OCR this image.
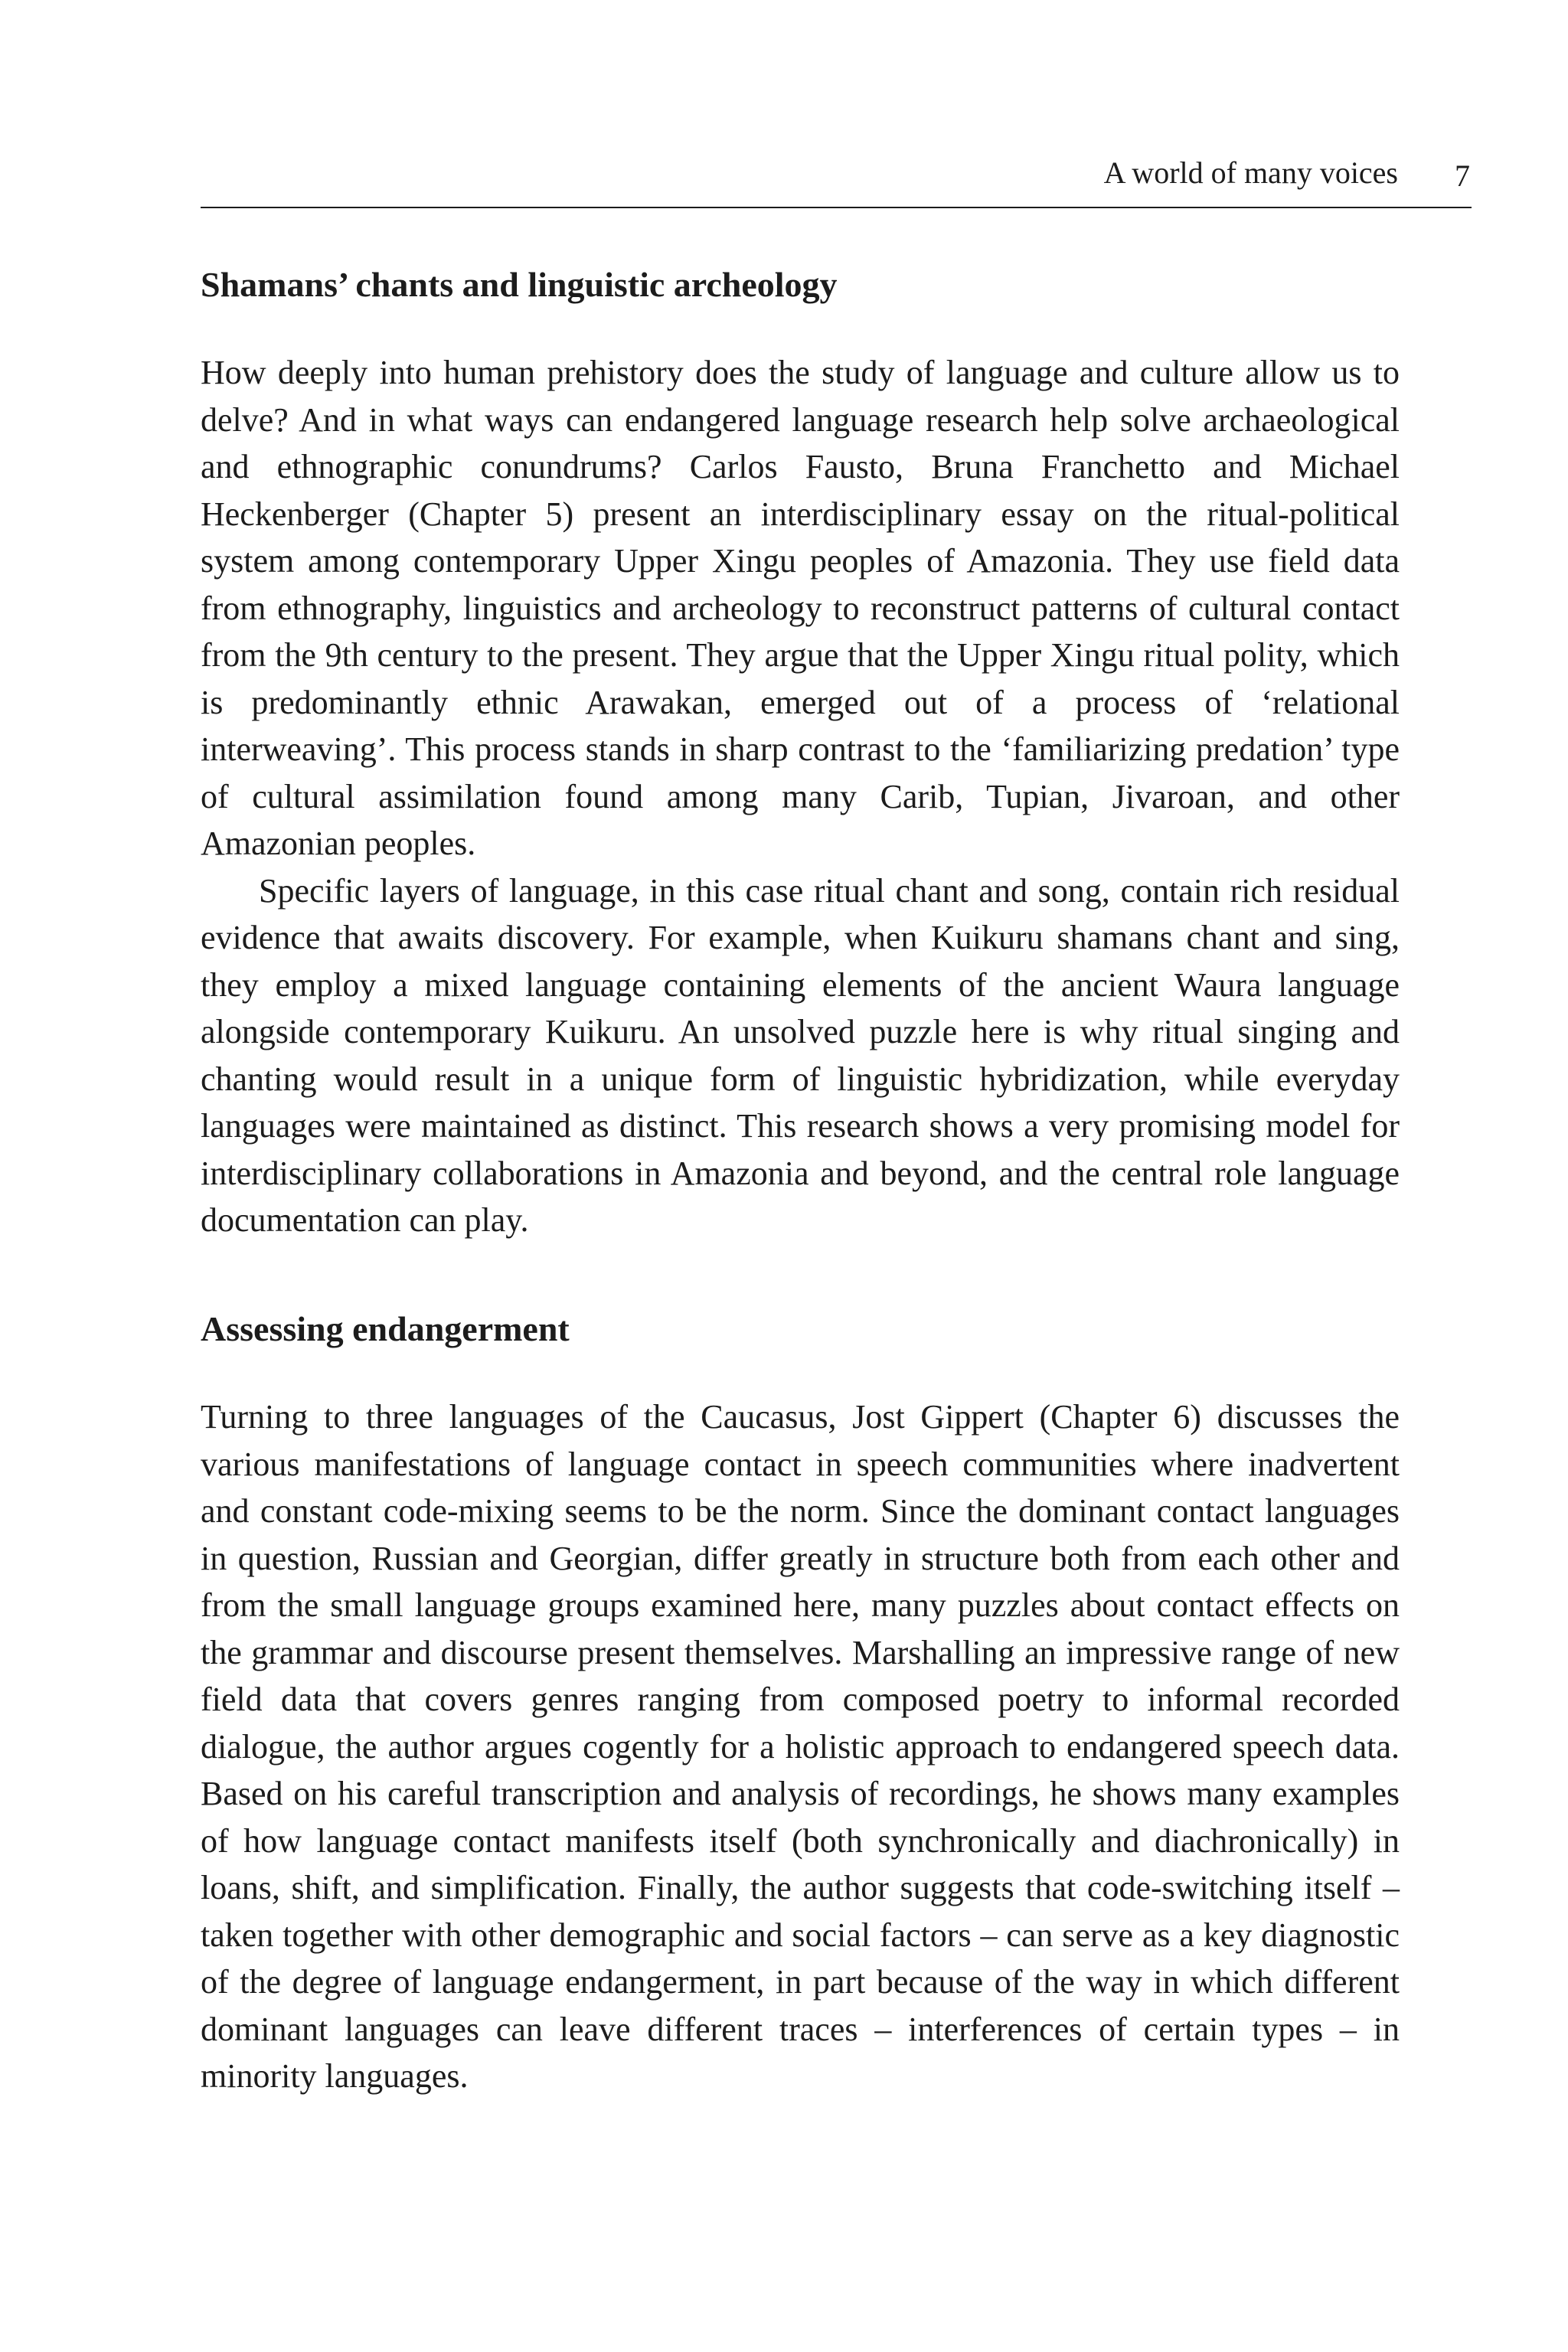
A world of many voices 7
Shamans’ chants and linguistic archeology

How deeply into human prehistory does the study of language and culture allow us to delve? And in what ways can endangered language research help solve archaeological and ethnographic conundrums? Carlos Fausto, Bruna Franchetto and Michael Heckenberger (Chapter 5) present an interdisciplinary essay on the ritual-political system among contemporary Upper Xingu peoples of Amazonia. They use field data from ethnography, linguistics and archeology to reconstruct patterns of cultural contact from the 9th century to the present. They argue that the Upper Xingu ritual polity, which is predominantly ethnic Arawakan, emerged out of a process of ‘relational interweaving’. This process stands in sharp contrast to the ‘familiarizing predation’ type of cultural assimilation found among many Carib, Tupian, Jivaroan, and other Amazonian peoples.

Specific layers of language, in this case ritual chant and song, contain rich residual evidence that awaits discovery. For example, when Kuikuru shamans chant and sing, they employ a mixed language containing elements of the ancient Waura language alongside contemporary Kuikuru. An unsolved puzzle here is why ritual singing and chanting would result in a unique form of linguistic hybridization, while everyday languages were maintained as distinct. This research shows a very promising model for interdisciplinary collaborations in Amazonia and beyond, and the central role language documentation can play.

Assessing endangerment

Turning to three languages of the Caucasus, Jost Gippert (Chapter 6) discusses the various manifestations of language contact in speech communities where inadvertent and constant code-mixing seems to be the norm. Since the dominant contact languages in question, Russian and Georgian, differ greatly in structure both from each other and from the small language groups examined here, many puzzles about contact effects on the grammar and discourse present themselves. Marshalling an impressive range of new field data that covers genres ranging from composed poetry to informal recorded dialogue, the author argues cogently for a holistic approach to endangered speech data. Based on his careful transcription and analysis of recordings, he shows many examples of how language contact manifests itself (both synchronically and diachronically) in loans, shift, and simplification. Finally, the author suggests that code-switching itself – taken together with other demographic and social factors – can serve as a key diagnostic of the degree of language endangerment, in part because of the way in which different dominant languages can leave different traces – interferences of certain types – in minority languages.
